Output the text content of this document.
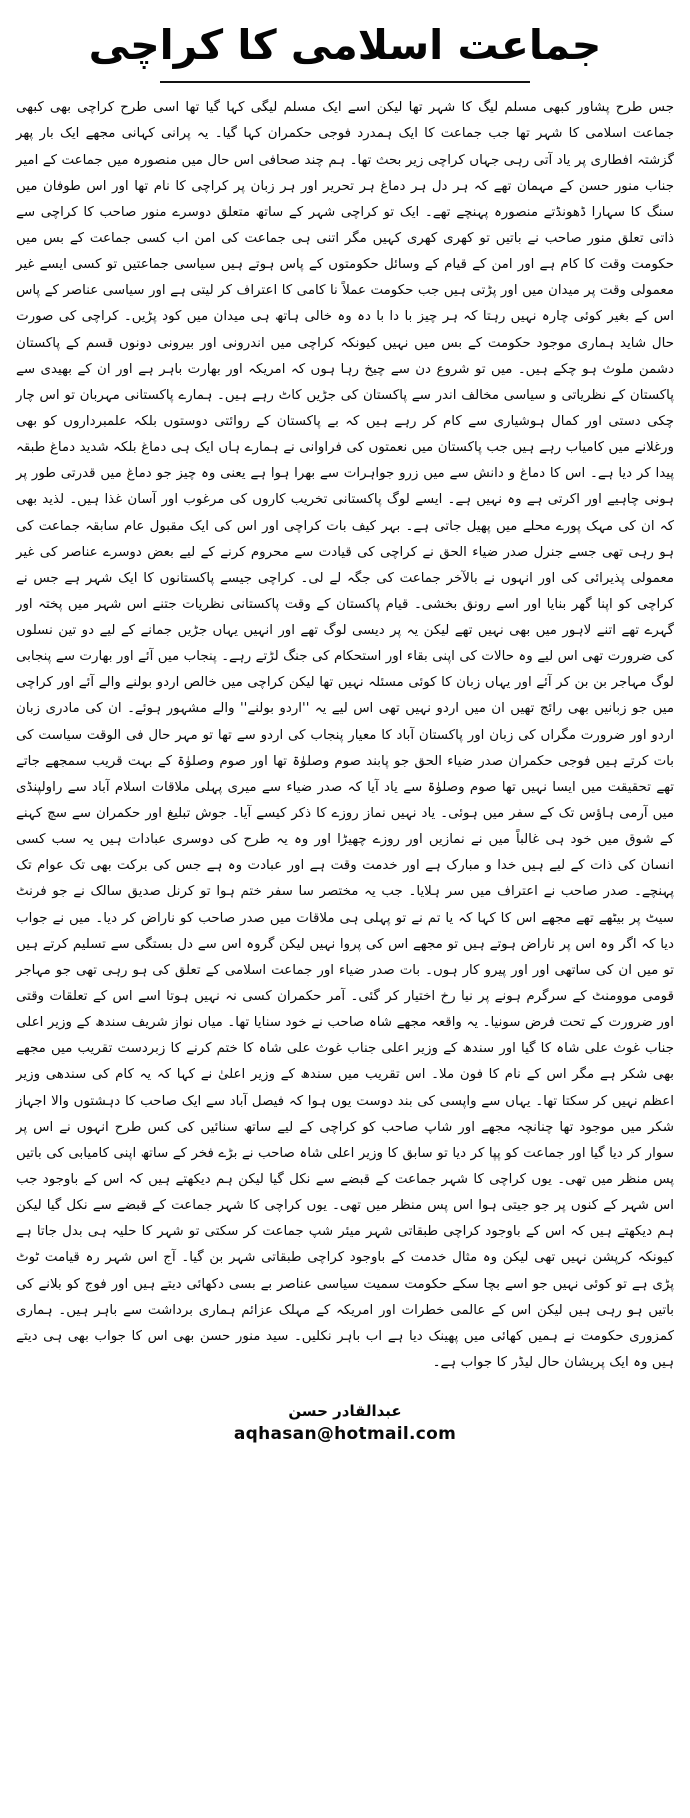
جماعت اسلامی کا کراچی

جس طرح پشاور کبھی مسلم لیگ کا شہر تھا لیکن اسے ایک مسلم لیگی کہا گیا تھا اسی طرح کراچی بھی کبھی جماعت اسلامی کا شہر تھا جب جماعت کا ایک ہمدرد فوجی حکمران کہا گیا۔ یہ پرانی کہانی مجھے ایک بار پھر گزشتہ افطاری پر یاد آتی رہی جہاں کراچی زیر بحث تھا۔ ہم چند صحافی اس حال میں منصورہ میں جماعت کے امیر جناب منور حسن کے مہمان تھے کہ ہر دل ہر دماغ ہر تحریر اور ہر زبان پر کراچی کا نام تھا اور اس طوفان میں سنگ کا سہارا ڈھونڈتے منصورہ پہنچے تھے۔ ایک تو کراچی شہر کے ساتھ متعلق دوسرے منور صاحب کا کراچی سے ذاتی تعلق منور صاحب نے باتیں تو کھری کھری کہیں مگر اتنی ہی جماعت کی امن اب کسی جماعت کے بس میں حکومت وقت کا کام ہے اور امن کے قیام کے وسائل حکومتوں کے پاس ہوتے ہیں سیاسی جماعتیں تو کسی ایسے غیر معمولی وقت پر میدان میں اور پڑتی ہیں جب حکومت عملاً نا کامی کا اعتراف کر لیتی ہے اور سیاسی عناصر کے پاس اس کے بغیر کوئی چارہ نہیں رہتا کہ ہر چیز با دا با دہ وہ خالی ہاتھ ہی میدان میں کود پڑیں۔ کراچی کی صورت حال شاید ہماری موجود حکومت کے بس میں نہیں کیونکہ کراچی میں اندرونی اور بیرونی دونوں قسم کے پاکستان دشمن ملوث ہو چکے ہیں۔ میں تو شروع دن سے چیخ رہا ہوں کہ امریکہ اور بھارت باہر ہے اور ان کے بھیدی سے پاکستان کے نظریاتی و سیاسی مخالف اندر سے پاکستان کی جڑیں کاٹ رہے ہیں۔ ہمارے پاکستانی مہربان تو اس چار چکی دستی اور کمال ہوشیاری سے کام کر رہے ہیں کہ بے پاکستان کے روائتی دوستوں بلکہ علمبرداروں کو بھی ورغلانے میں کامیاب رہے ہیں جب پاکستان میں نعمتوں کی فراوانی نے ہمارے ہاں ایک ہی دماغ بلکہ شدید دماغ طبقہ پیدا کر دیا ہے۔ اس کا دماغ و دانش سے میں زرو جواہرات سے بھرا ہوا ہے یعنی وہ چیز جو دماغ میں قدرتی طور پر ہونی چاہیے اور اکرتی ہے وہ نہیں ہے۔ ایسے لوگ پاکستانی تخریب کاروں کی مرغوب اور آسان غذا ہیں۔ لذید بھی کہ ان کی مہک پورے محلے میں پھیل جاتی ہے۔ بہر کیف بات کراچی اور اس کی ایک مقبول عام سابقہ جماعت کی ہو رہی تھی جسے جنرل صدر ضیاء الحق نے کراچی کی قیادت سے محروم کرنے کے لیے بعض دوسرے عناصر کی غیر معمولی پذیرائی کی اور انہوں نے بالآخر جماعت کی جگہ لے لی۔ کراچی جیسے پاکستانوں کا ایک شہر ہے جس نے کراچی کو اپنا گھر بنایا اور اسے رونق بخشی۔ قیام پاکستان کے وقت پاکستانی نظریات جتنے اس شہر میں پختہ اور گہرے تھے اتنے لاہور میں بھی نہیں تھے لیکن یہ پر دیسی لوگ تھے اور انہیں یہاں جڑیں جمانے کے لیے دو تین نسلوں کی ضرورت تھی اس لیے وہ حالات کی اپنی بقاء اور استحکام کی جنگ لڑتے رہے۔ پنجاب میں آئے اور بھارت سے پنجابی لوگ مہاجر بن بن کر آئے اور یہاں زبان کا کوئی مسئلہ نہیں تھا لیکن کراچی میں خالص اردو بولنے والے آئے اور کراچی میں جو زبانیں بھی رائج تھیں ان میں اردو نہیں تھی اس لیے یہ ''اردو بولنے'' والے مشہور ہوئے۔ ان کی مادری زبان اردو اور ضرورت مگراں کی زبان اور پاکستان آباد کا معیار پنجاب کی اردو سے تھا تو مہر حال فی الوقت سیاست کی بات کرتے ہیں فوجی حکمران صدر ضیاء الحق جو پابند صوم وصلوٰۃ تھا اور صوم وصلوٰۃ کے بہت قریب سمجھے جاتے تھے تحقیقت میں ایسا نہیں تھا صوم وصلوٰۃ سے یاد آیا کہ صدر ضیاء سے میری پہلی ملاقات اسلام آباد سے راولپنڈی میں آرمی ہاؤس تک کے سفر میں ہوئی۔ یاد نہیں نماز روزے کا ذکر کیسے آیا۔ جوش تبلیغ اور حکمران سے سچ کہنے کے شوق میں خود ہی غالباً میں نے نمازیں اور روزے چھیڑا اور وہ یہ طرح کی دوسری عبادات ہیں یہ سب کسی انسان کی ذات کے لیے ہیں خدا و مبارک ہے اور خدمت وقت ہے اور عبادت وہ ہے جس کی برکت بھی تک عوام تک پہنچے۔ صدر صاحب نے اعتراف میں سر ہلایا۔ جب یہ مختصر سا سفر ختم ہوا تو کرنل صدیق سالک نے جو فرنٹ سیٹ پر بیٹھے تھے مجھے اس کا کہا کہ یا تم نے تو پہلی ہی ملاقات میں صدر صاحب کو ناراض کر دیا۔ میں نے جواب دیا کہ اگر وہ اس پر ناراض ہوتے ہیں تو مجھے اس کی پروا نہیں لیکن گروہ اس سے دل بستگی سے تسلیم کرتے ہیں تو میں ان کی ساتھی اور اور پیرو کار ہوں۔ بات صدر ضیاء اور جماعت اسلامی کے تعلق کی ہو رہی تھی جو مہاجر قومی موومنٹ کے سرگرم ہونے پر نیا رخ اختیار کر گئی۔ آمر حکمران کسی نہ نہیں ہوتا اسے اس کے تعلقات وقتی اور ضرورت کے تحت فرض سونیا۔ یہ واقعہ مجھے شاہ صاحب نے خود سنایا تھا۔ میاں نواز شریف سندھ کے وزیر اعلی جناب غوث علی شاہ کا گیا اور سندھ کے وزیر اعلی جناب غوث علی شاہ کا ختم کرنے کا زبردست تقریب میں مجھے بھی شکر ہے مگر اس کے نام کا فون ملا۔ اس تقریب میں سندھ کے وزیر اعلیٰ نے کہا کہ یہ کام کی سندھی وزیر اعظم نہیں کر سکتا تھا۔ یہاں سے واپسی کی بند دوست یوں ہوا کہ فیصل آباد سے ایک صاحب کا دہشتوں والا اجہاز شکر میں موجود تھا چنانچہ مجھے اور شاپ صاحب کو کراچی کے لیے ساتھ سنائیں کی کس طرح انہوں نے اس پر سوار کر دیا گیا اور جماعت کو پپا کر دیا تو سابق کا وزیر اعلی شاہ صاحب نے بڑے فخر کے ساتھ اپنی کامیابی کی باتیں پس منظر میں تھی۔ یوں کراچی کا شہر جماعت کے قبضے سے نکل گیا لیکن ہم دیکھتے ہیں کہ اس کے باوجود جب اس شہر کے کنوں پر جو جیتی ہوا اس پس منظر میں تھی۔ یوں کراچی کا شہر جماعت کے قبضے سے نکل گیا لیکن ہم دیکھتے ہیں کہ اس کے باوجود کراچی طبقاتی شہر میئر شپ جماعت کر سکتی تو شہر کا حلیہ ہی بدل جاتا ہے کیونکہ کرپشن نہیں تھی لیکن وہ مثال خدمت کے باوجود کراچی طبقاتی شہر بن گیا۔ آج اس شہر رہ قیامت ٹوٹ پڑی ہے تو کوئی نہیں جو اسے بچا سکے حکومت سمیت سیاسی عناصر بے بسی دکھائی دیتے ہیں اور فوج کو بلانے کی باتیں ہو رہی ہیں لیکن اس کے عالمی خطرات اور امریکہ کے مہلک عزائم ہماری برداشت سے باہر ہیں۔ ہماری کمزوری حکومت نے ہمیں کھائی میں پھینک دیا ہے اب باہر نکلیں۔ سید منور حسن بھی اس کا جواب بھی ہی دیتے ہیں وہ ایک پریشان حال لیڈر کا جواب ہے۔

عبدالقادر حسن
aqhasan@hotmail.com
